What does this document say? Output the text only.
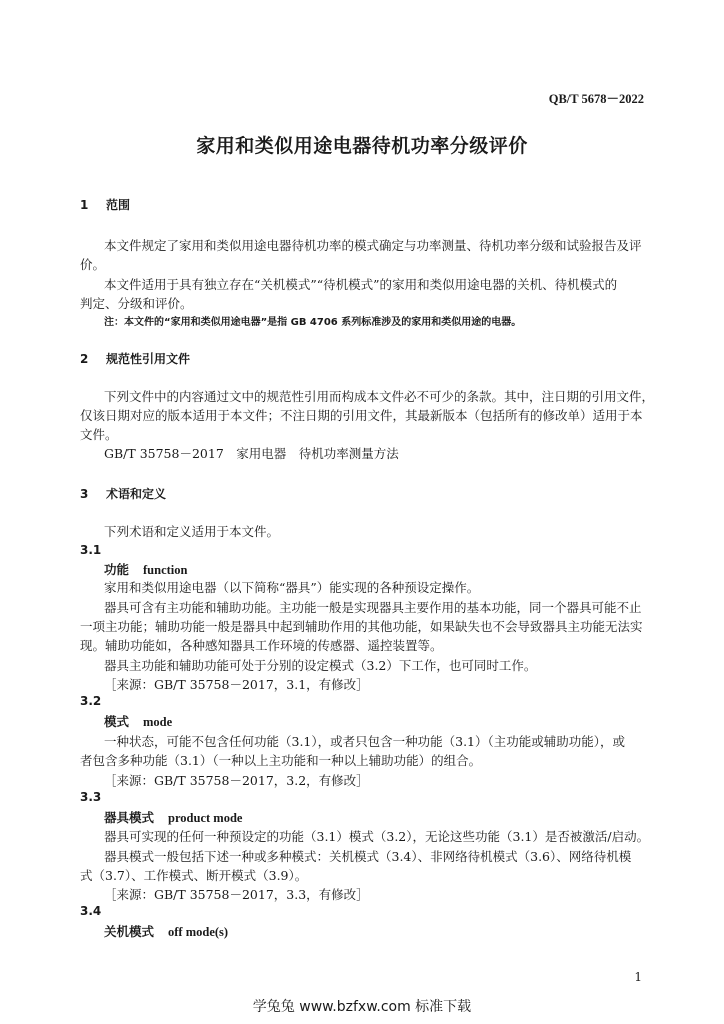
QB/T 5678－2022
家用和类似用途电器待机功率分级评价
1 范围
本文件规定了家用和类似用途电器待机功率的模式确定与功率测量、待机功率分级和试验报告及评
价。
本文件适用于具有独立存在“关机模式”“待机模式”的家用和类似用途电器的关机、待机模式的
判定、分级和评价。
注：本文件的“家用和类似用途电器”是指 GB 4706 系列标准涉及的家用和类似用途的电器。
2 规范性引用文件
下列文件中的内容通过文中的规范性引用而构成本文件必不可少的条款。其中，注日期的引用文件，
仅该日期对应的版本适用于本文件；不注日期的引用文件，其最新版本（包括所有的修改单）适用于本
文件。
GB/T 35758－2017　家用电器　待机功率测量方法
3 术语和定义
下列术语和定义适用于本文件。
3.1
功能 function
家用和类似用途电器（以下简称“器具”）能实现的各种预设定操作。
器具可含有主功能和辅助功能。主功能一般是实现器具主要作用的基本功能，同一个器具可能不止
一项主功能；辅助功能一般是器具中起到辅助作用的其他功能，如果缺失也不会导致器具主功能无法实
现。辅助功能如，各种感知器具工作环境的传感器、遥控装置等。
器具主功能和辅助功能可处于分别的设定模式（3.2）下工作，也可同时工作。
［来源：GB/T 35758－2017，3.1，有修改］
3.2
模式 mode
一种状态，可能不包含任何功能（3.1），或者只包含一种功能（3.1）（主功能或辅助功能），或
者包含多种功能（3.1）（一种以上主功能和一种以上辅助功能）的组合。
［来源：GB/T 35758－2017，3.2，有修改］
3.3
器具模式 product mode
器具可实现的任何一种预设定的功能（3.1）模式（3.2），无论这些功能（3.1）是否被激活/启动。
器具模式一般包括下述一种或多种模式：关机模式（3.4）、非网络待机模式（3.6）、网络待机模
式（3.7）、工作模式、断开模式（3.9）。
［来源：GB/T 35758－2017，3.3，有修改］
3.4
关机模式 off mode(s)
1
学兔兔 www.bzfxw.com 标准下载
